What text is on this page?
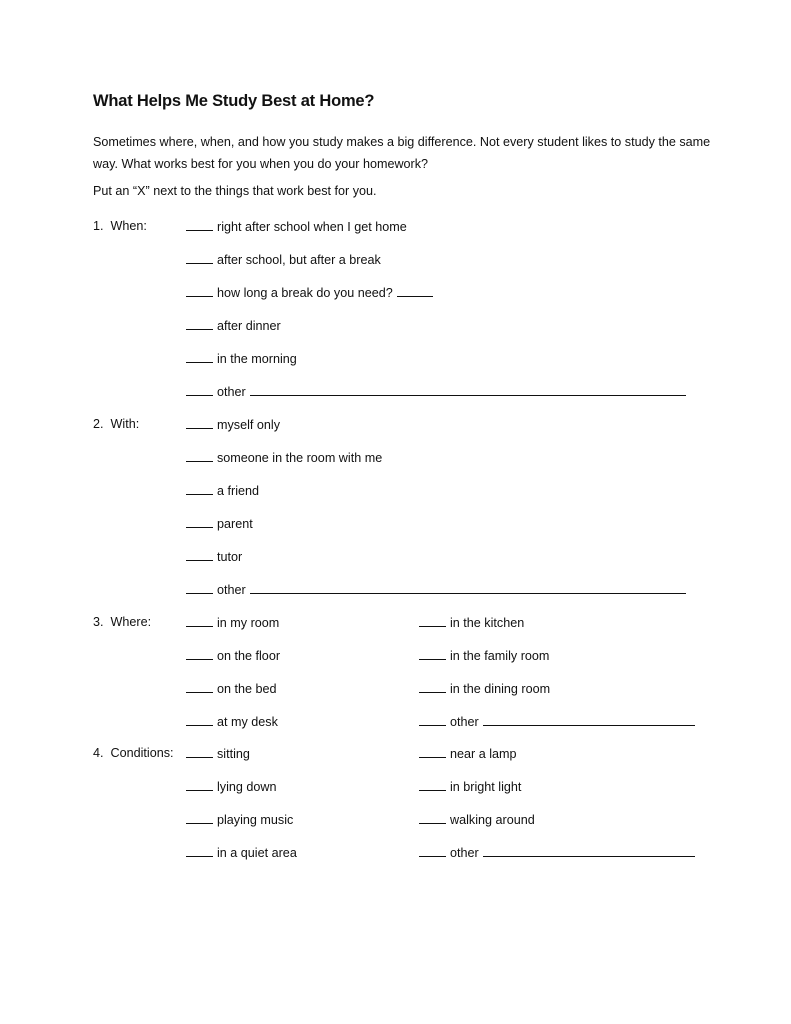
What Helps Me Study Best at Home?
Sometimes where, when, and how you study makes a big difference. Not every student likes to study the same way. What works best for you when you do your homework?
Put an “X” next to the things that work best for you.
1. When:	right after school when I get home
after school, but after a break
how long a break do you need?
after dinner
in the morning
other
2. With:	myself only
someone in the room with me
a friend
parent
tutor
other
3. Where:	in my room	in the kitchen
on the floor	in the family room
on the bed	in the dining room
at my desk	other
4. Conditions:	sitting	near a lamp
lying down	in bright light
playing music	walking around
in a quiet area	other
